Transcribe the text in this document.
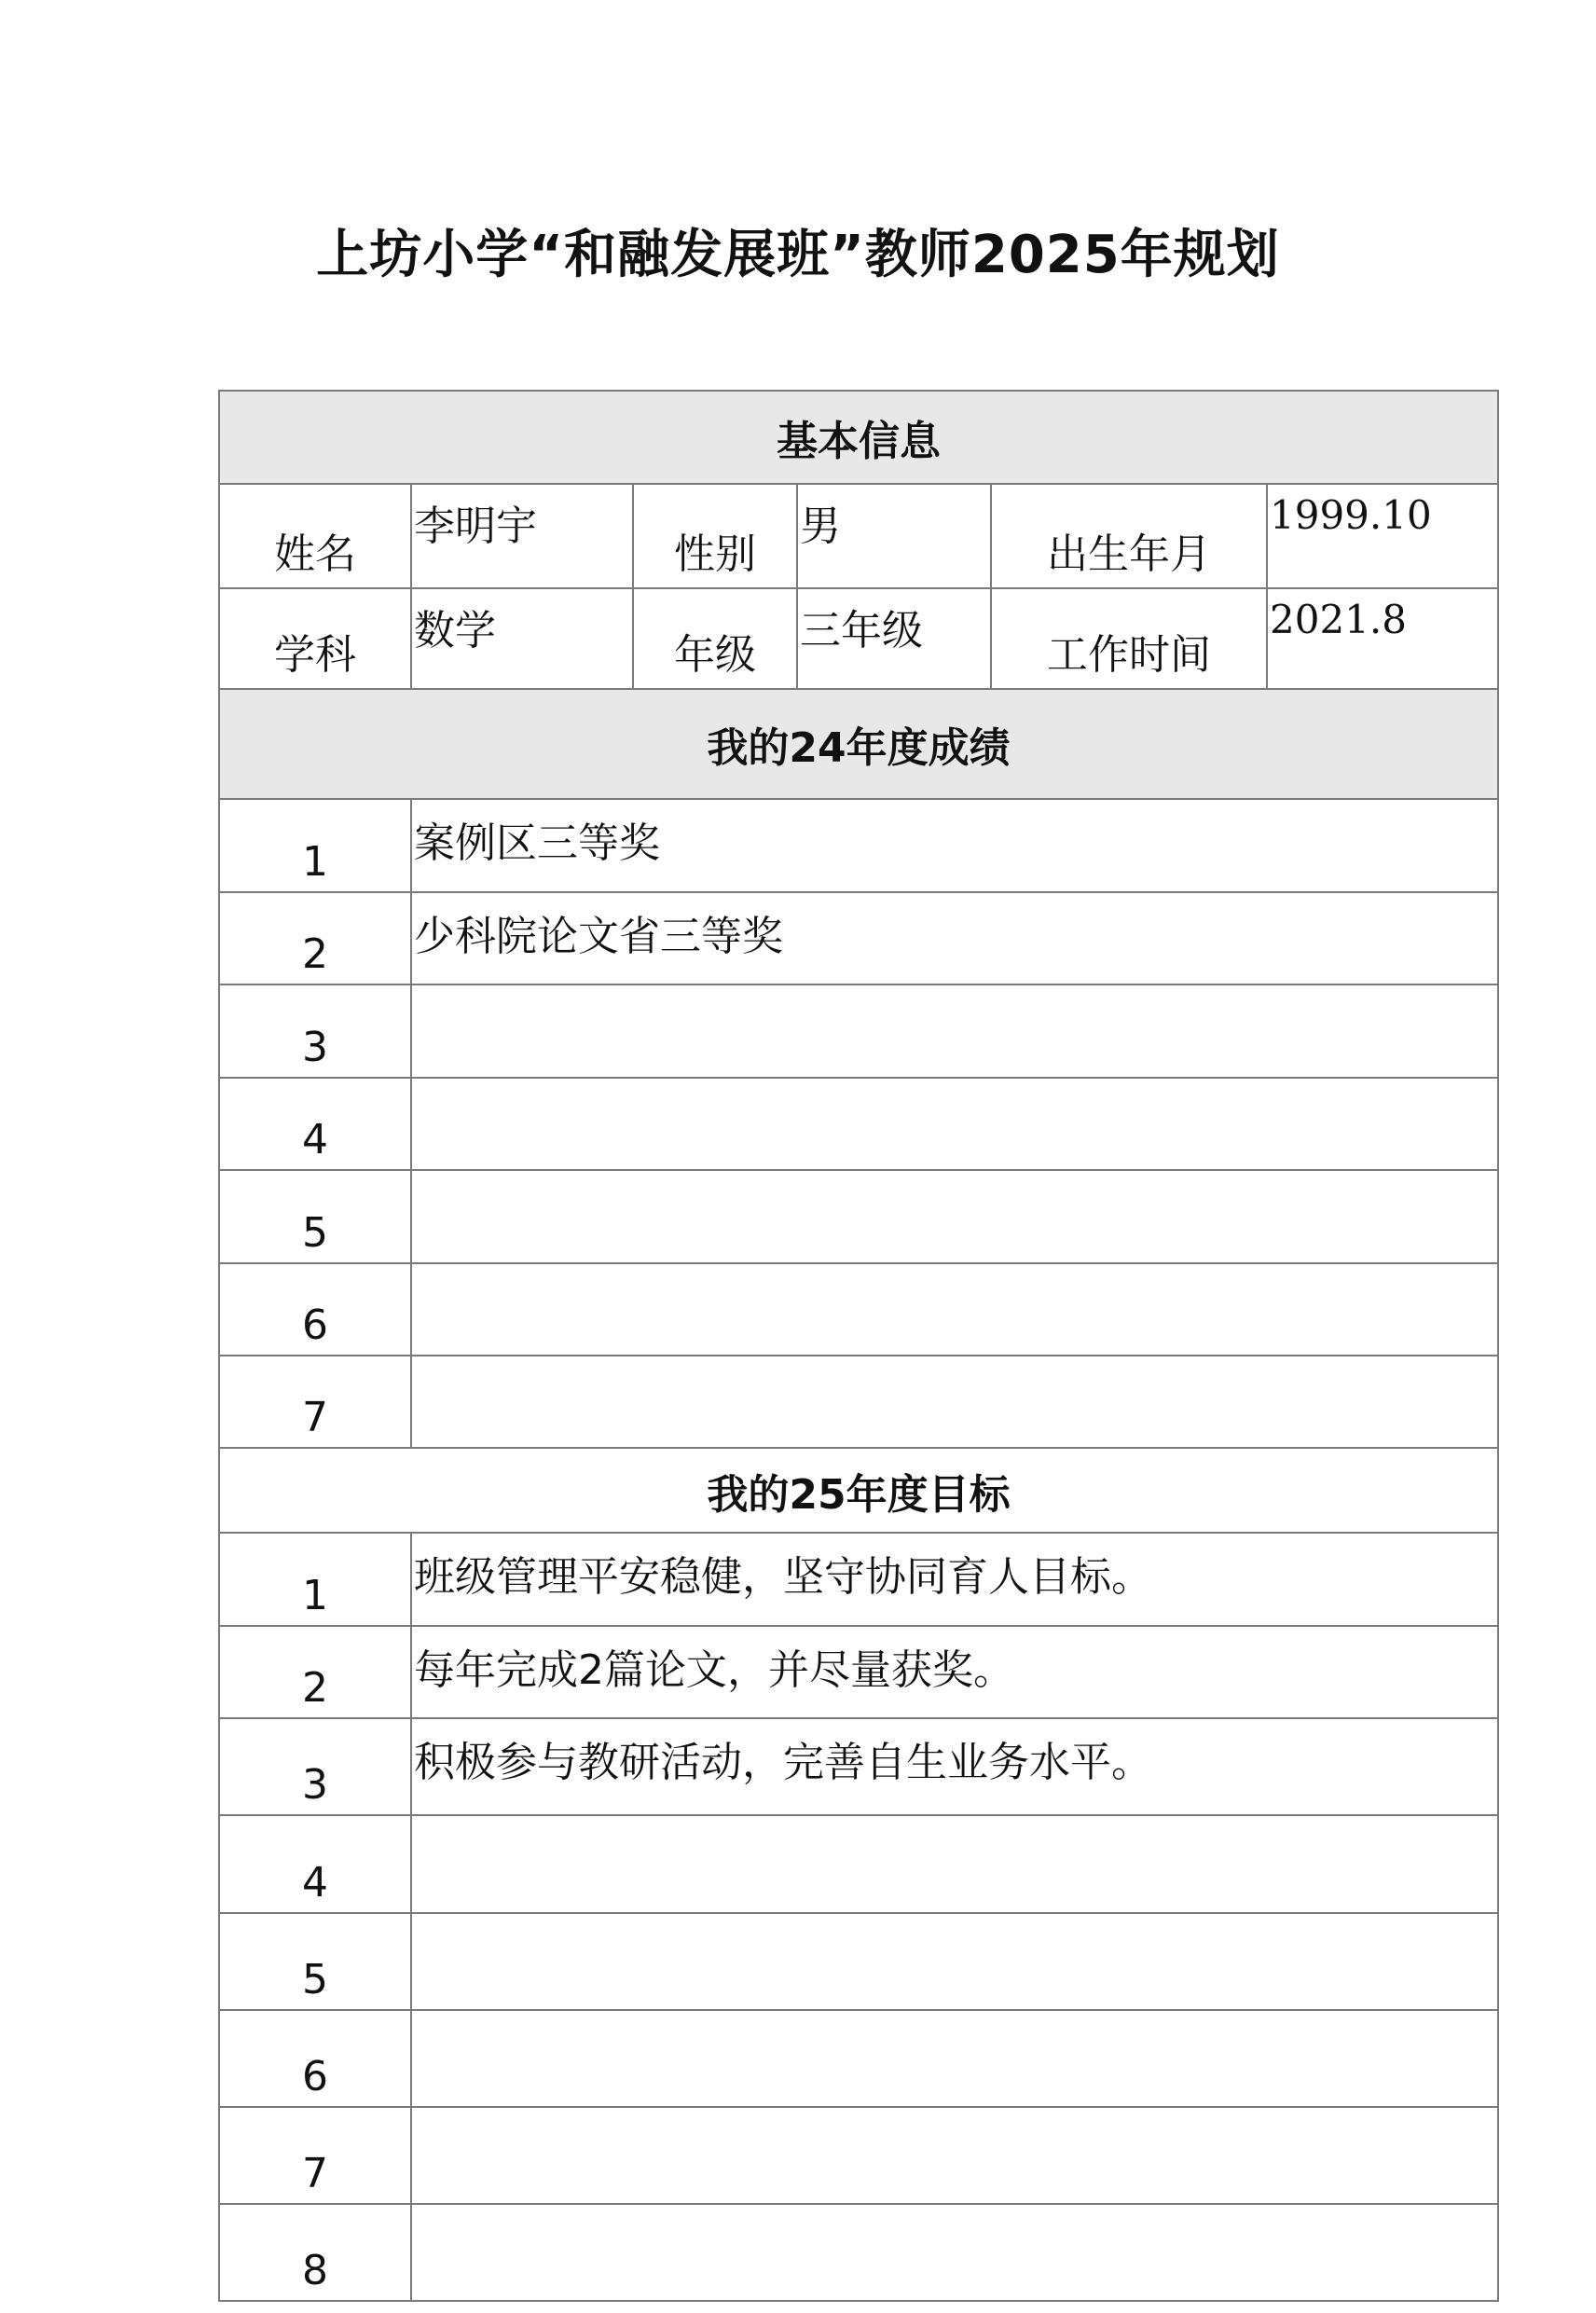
上坊小学“和融发展班”教师2025年规划
基本信息					
姓名	李明宇	性别	男	出生年月	1999.10
学科	数学	年级	三年级	工作时间	2021.8
我的24年度成绩					
1	案例区三等奖				
2	少科院论文省三等奖				
3					
4					
5					
6					
7					
我的25年度目标					
1	班级管理平安稳健，坚守协同育人目标。				
2	每年完成2篇论文，并尽量获奖。				
3	积极参与教研活动，完善自生业务水平。				
4					
5					
6					
7					
8					
